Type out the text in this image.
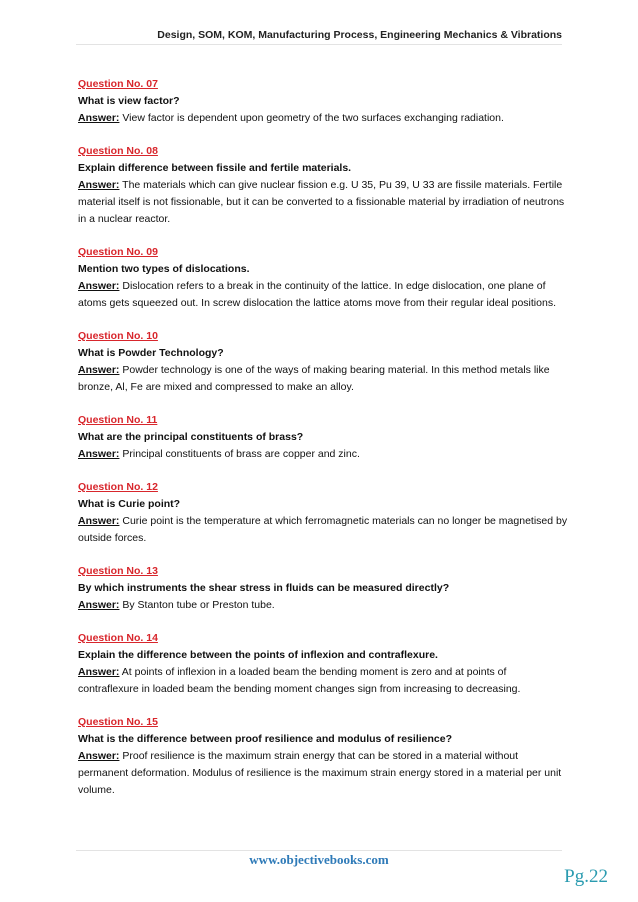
Design, SOM, KOM, Manufacturing Process, Engineering Mechanics & Vibrations
Question No. 07
What is view factor?
Answer: View factor is dependent upon geometry of the two surfaces exchanging radiation.
Question No. 08
Explain difference between fissile and fertile materials.
Answer: The materials which can give nuclear fission e.g. U 35, Pu 39, U 33 are fissile materials. Fertile material itself is not fissionable, but it can be converted to a fissionable material by irradiation of neutrons in a nuclear reactor.
Question No. 09
Mention two types of dislocations.
Answer: Dislocation refers to a break in the continuity of the lattice. In edge dislocation, one plane of atoms gets squeezed out. In screw dislocation the lattice atoms move from their regular ideal positions.
Question No. 10
What is Powder Technology?
Answer: Powder technology is one of the ways of making bearing material. In this method metals like bronze, Al, Fe are mixed and compressed to make an alloy.
Question No. 11
What are the principal constituents of brass?
Answer: Principal constituents of brass are copper and zinc.
Question No. 12
What is Curie point?
Answer: Curie point is the temperature at which ferromagnetic materials can no longer be magnetised by outside forces.
Question No. 13
By which instruments the shear stress in fluids can be measured directly?
Answer: By Stanton tube or Preston tube.
Question No. 14
Explain the difference between the points of inflexion and contraflexure.
Answer: At points of inflexion in a loaded beam the bending moment is zero and at points of contraflexure in loaded beam the bending moment changes sign from increasing to decreasing.
Question No. 15
What is the difference between proof resilience and modulus of resilience?
Answer: Proof resilience is the maximum strain energy that can be stored in a material without permanent deformation. Modulus of resilience is the maximum strain energy stored in a material per unit volume.
www.objectivebooks.com
Pg.22
